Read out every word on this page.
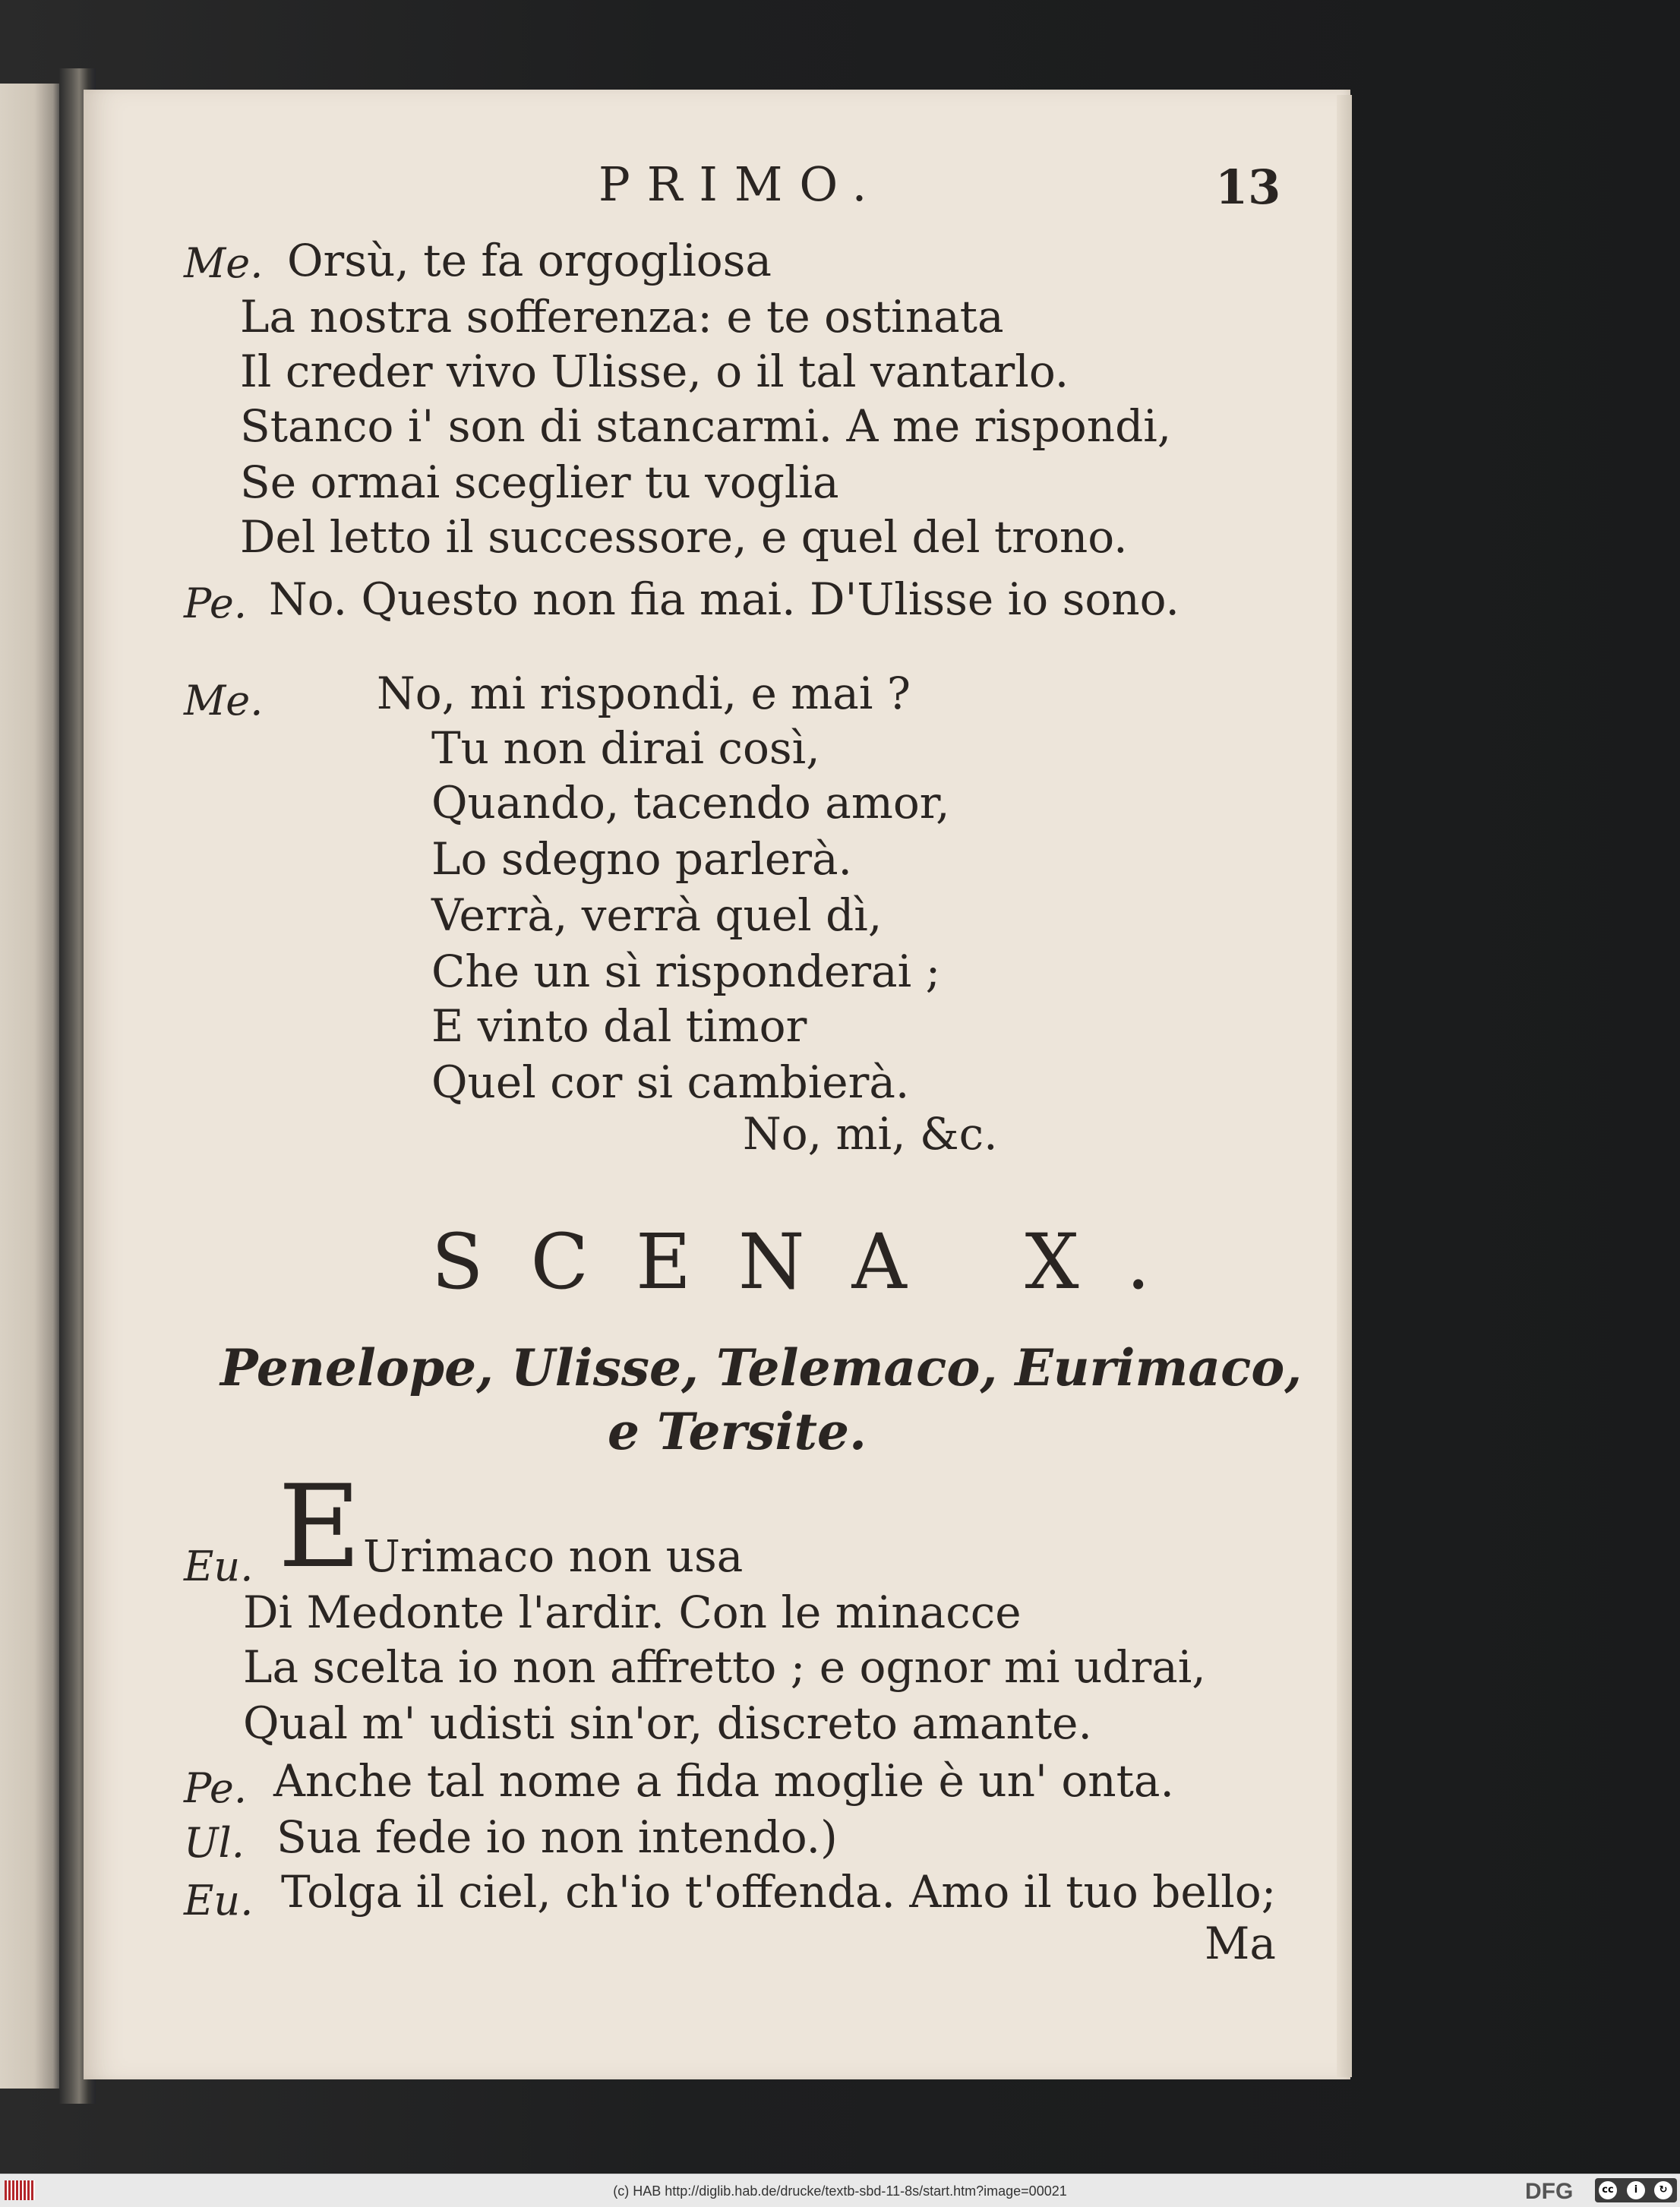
PRIMO.	13
Me. Orsù, te fa orgogliosa
La nostra sofferenza: e te ostinata
Il creder vivo Ulisse, o il tal vantarlo.
Stanco i' son di stancarmi. A me rispondi,
Se ormai sceglier tu voglia
Del letto il successore, e quel del trono.
Pe. No. Questo non fia mai. D'Ulisse io sono.
Me.	No, mi rispondi, e mai ?
Tu non dirai così,
Quando, tacendo amor,
Lo sdegno parlerà.
Verrà, verrà quel dì,
Che un sì risponderai ;
E vinto dal timor
Quel cor si cambierà.
No, mi, &c.
SCENA X.
Penelope, Ulisse, Telemaco, Eurimaco,
e Tersite.
Eu. E Urimaco non usa
Di Medonte l'ardir. Con le minacce
La scelta io non affretto ; e ognor mi udrai,
Qual m' udisti sin'or, discreto amante.
Pe. Anche tal nome a fida moglie è un' onta.
Ul. Sua fede io non intendo.)
Eu. Tolga il ciel, ch'io t'offenda. Amo il tuo bello;
Ma
(c) HAB http://diglib.hab.de/drucke/textb-sbd-11-8s/start.htm?image=00021	DFG	cc	i	↻
